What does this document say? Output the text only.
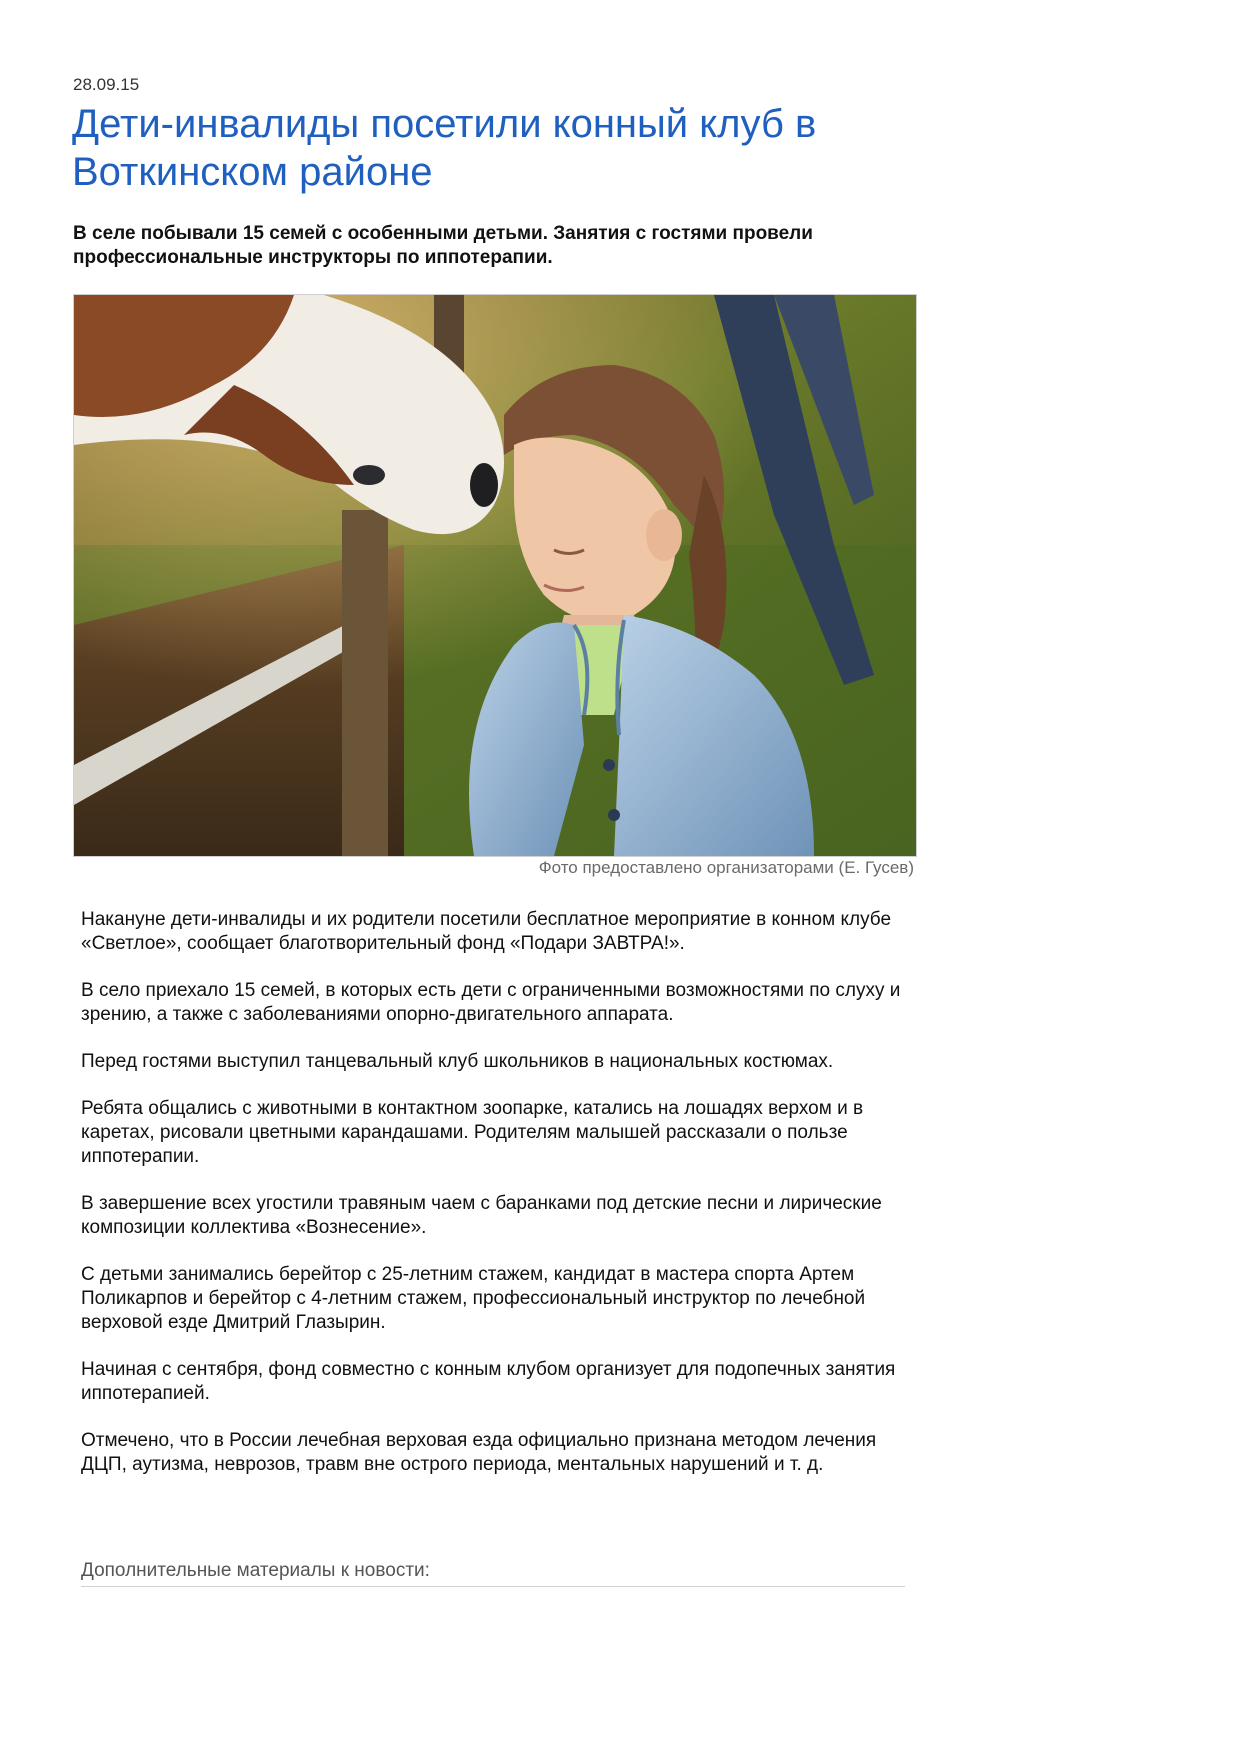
28.09.15
Дети-инвалиды посетили конный клуб в Воткинском районе

В селе побывали 15 семей с особенными детьми. Занятия с гостями провели профессиональные инструкторы по иппотерапии.

Фото предоставлено организаторами (Е. Гусев)

Накануне дети-инвалиды и их родители посетили бесплатное мероприятие в конном клубе «Светлое», сообщает благотворительный фонд «Подари ЗАВТРА!».

В село приехало 15 семей, в которых есть дети с ограниченными возможностями по слуху и зрению, а также с заболеваниями опорно-двигательного аппарата.

Перед гостями выступил танцевальный клуб школьников в национальных костюмах.

Ребята общались с животными в контактном зоопарке, катались на лошадях верхом и в каретах, рисовали цветными карандашами. Родителям малышей рассказали о пользе иппотерапии.

В завершение всех угостили травяным чаем с баранками под детские песни и лирические композиции коллектива «Вознесение».

С детьми занимались берейтор с 25-летним стажем, кандидат в мастера спорта Артем Поликарпов и берейтор с 4-летним стажем, профессиональный инструктор по лечебной верховой езде Дмитрий Глазырин.

Начиная с сентября, фонд совместно с конным клубом организует для подопечных занятия иппотерапией.

Отмечено, что в России лечебная верховая езда официально признана методом лечения ДЦП, аутизма, неврозов, травм вне острого периода, ментальных нарушений и т. д.

Дополнительные материалы к новости:
